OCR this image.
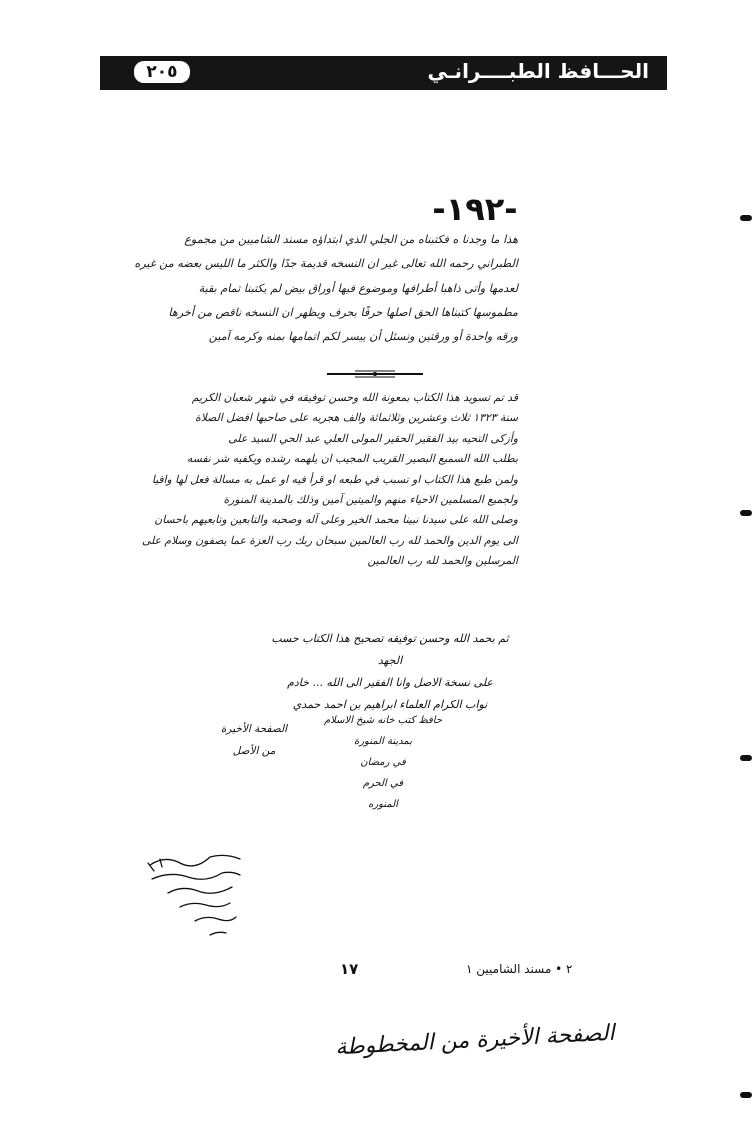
الحـــافظ الطبــــرانـي
٢٠٥
-١٩٢-
هذا ما وجدنا ه فكتبناه من الجلي الذي ابتداؤه مسند الشاميين من مجموع
الطبراني رحمه الله تعالى غير ان النسخه قديمة جدًا والكثر ما الليس بعضه من غيره
لعدمها وأتى ذاهبا أطرافها وموضوع فيها أوراق بيض لم يكتبنا تمام بقية
مطموسها كتبناها الحق اصلها حرفًا بحرف ويظهر ان النسخه ناقص من أخرها
ورقه واحدة أو ورقتين ونسئل أن ييسر لكم اتمامها بمنه وكرمه آمين
قد تم تسويد هذا الكتاب بمعونة الله وحسن توفيقه في شهر شعبان الكريم
سنة ١٣٢٣ ثلاث وعشرين وثلاثمائة والف هجريه على صاحبها افضل الصلاة
وأزكى التحيه بيد الفقير الحقير المولى العلي عبد الحي السيد على
بطلب الله السميع البصير القريب المجيب ان يلهمه رشده ويكفيه شر نفسه
ولمن طبع هذا الكتاب او تسبب في طبعه او قرأ فيه او عمل به مسالة فعل لها وافيا
ولجميع المسلمين الاحياء منهم والميتين آمين وذلك بالمدينة المنورة
وصلى الله على سيدنا نبينا محمد الخير وعلى آله وصحبه والتابعين وتابعيهم باحسان
الى يوم الدين والحمد لله رب العالمين سبحان ربك رب العزة عما يصفون وسلام على
المرسلين والحمد لله رب العالمين
ثم بحمد الله وحسن توفيقه تصحيح هذا الكتاب حسب الجهد
على نسخة الاصل وانا الفقير الى الله ... خادم
نواب الكرام العلماء ابراهيم بن احمد حمدي
الصفحة الأخيرة
من الأصل
حافظ كتب خانه شيخ الاسلام
بمدينة المنورة
في رمضان
في الحرم
المنوره
١٧	٢ • مسند الشاميين ١
الصفحة الأخيرة من المخطوطة
